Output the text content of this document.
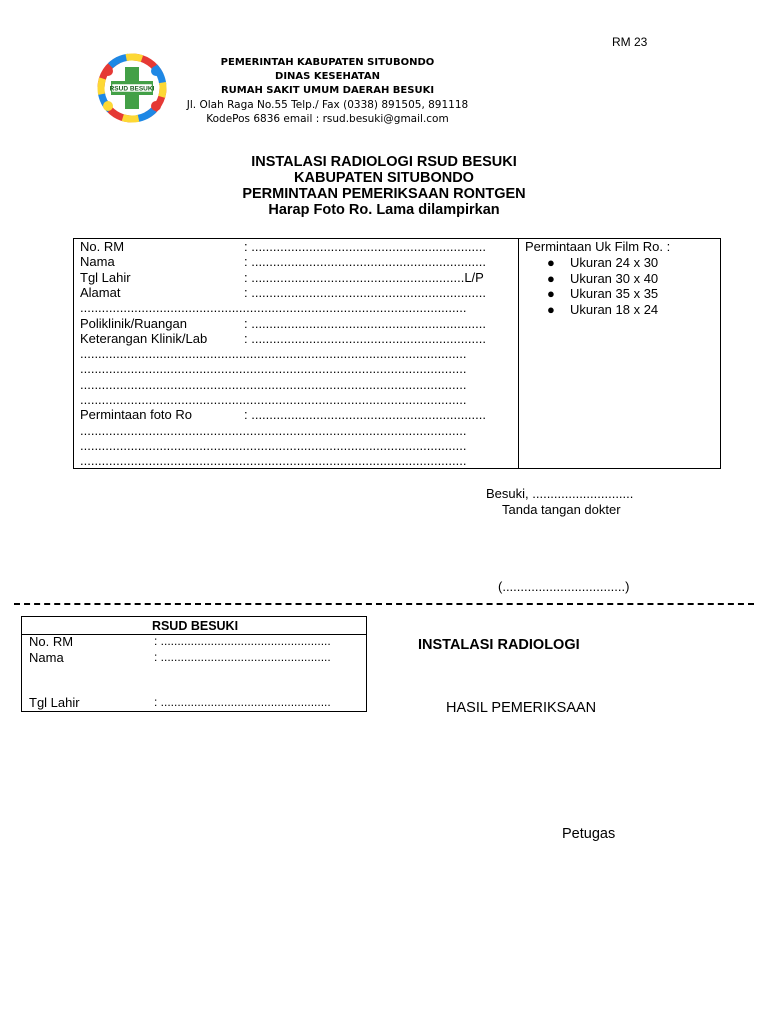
RM 23
RSUD BESUKI
PEMERINTAH KABUPATEN SITUBONDO
DINAS KESEHATAN
RUMAH SAKIT UMUM DAERAH BESUKI
Jl. Olah Raga No.55 Telp./ Fax (0338) 891505, 891118
KodePos 6836 email : rsud.besuki@gmail.com
INSTALASI RADIOLOGI RSUD BESUKI
KABUPATEN SITUBONDO
PERMINTAAN PEMERIKSAAN RONTGEN
Harap Foto Ro. Lama dilampirkan
No. RM	: .................................................................
Nama	: .................................................................
Tgl Lahir	: ...........................................................L/P
Alamat	: .................................................................
...........................................................................................................
Poliklinik/Ruangan	: .................................................................
Keterangan Klinik/Lab	: .................................................................
...........................................................................................................
...........................................................................................................
...........................................................................................................
...........................................................................................................
Permintaan foto Ro	: .................................................................
...........................................................................................................
...........................................................................................................
...........................................................................................................
Permintaan Uk Film Ro. :
● Ukuran 24 x 30
● Ukuran 30 x 40
● Ukuran 35 x 35
● Ukuran 18 x 24
Besuki, ............................
Tanda tangan dokter
(..................................)
RSUD BESUKI
No. RM	: ...................................................
Nama	: ...................................................
Tgl Lahir	: ...................................................
INSTALASI RADIOLOGI
HASIL PEMERIKSAAN
Petugas
